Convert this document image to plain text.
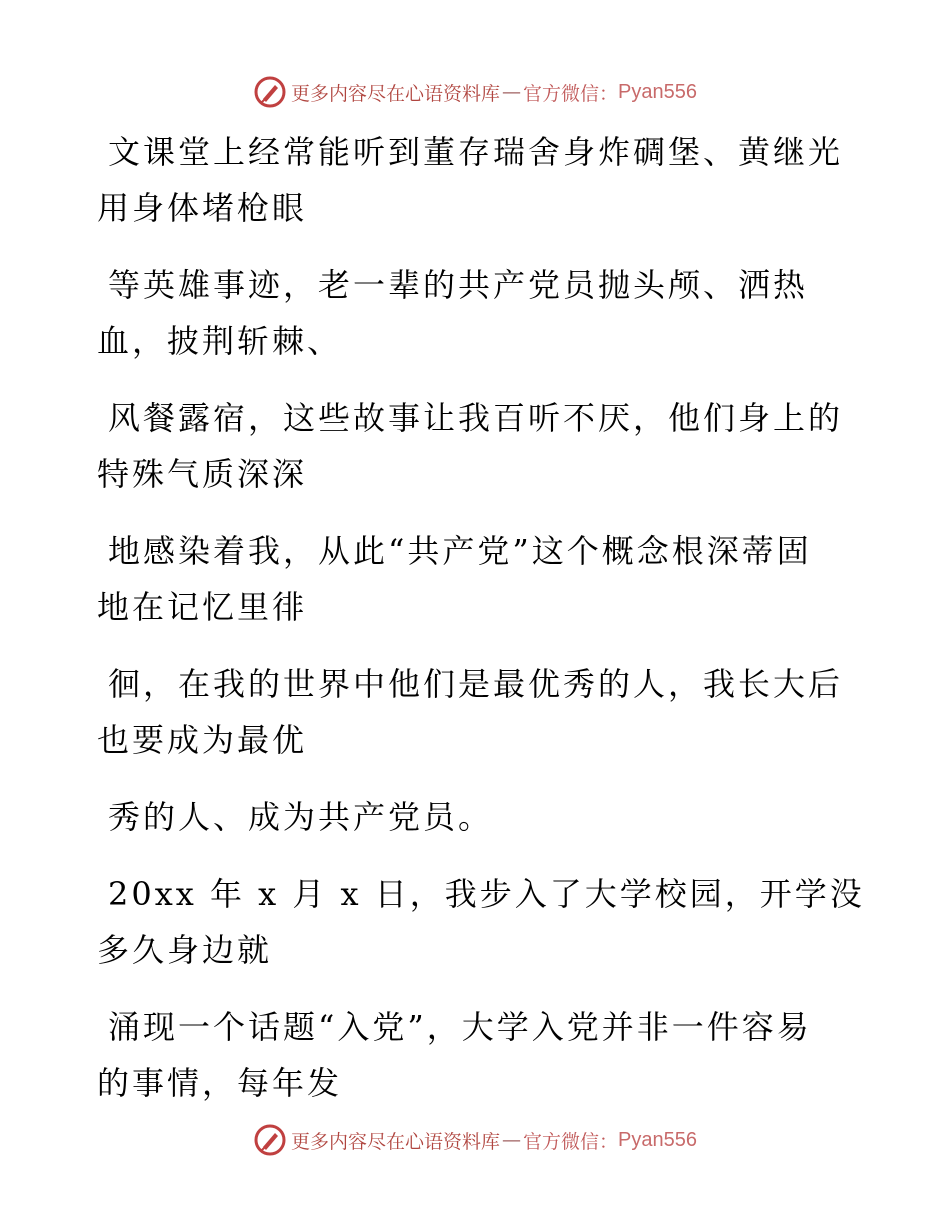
更多内容尽在心语资料库 — 官方微信： Pyan556
文课堂上经常能听到董存瑞舍身炸碉堡、黄继光
用身体堵枪眼
等英雄事迹，老一辈的共产党员抛头颅、洒热
血，披荆斩棘、
风餐露宿，这些故事让我百听不厌，他们身上的
特殊气质深深
地感染着我，从此“共产党”这个概念根深蒂固
地在记忆里徘
徊，在我的世界中他们是最优秀的人，我长大后
也要成为最优
秀的人、成为共产党员。
20xx 年 x 月 x 日，我步入了大学校园，开学没
多久身边就
涌现一个话题“入党”，大学入党并非一件容易
的事情，每年发
更多内容尽在心语资料库 — 官方微信： Pyan556
